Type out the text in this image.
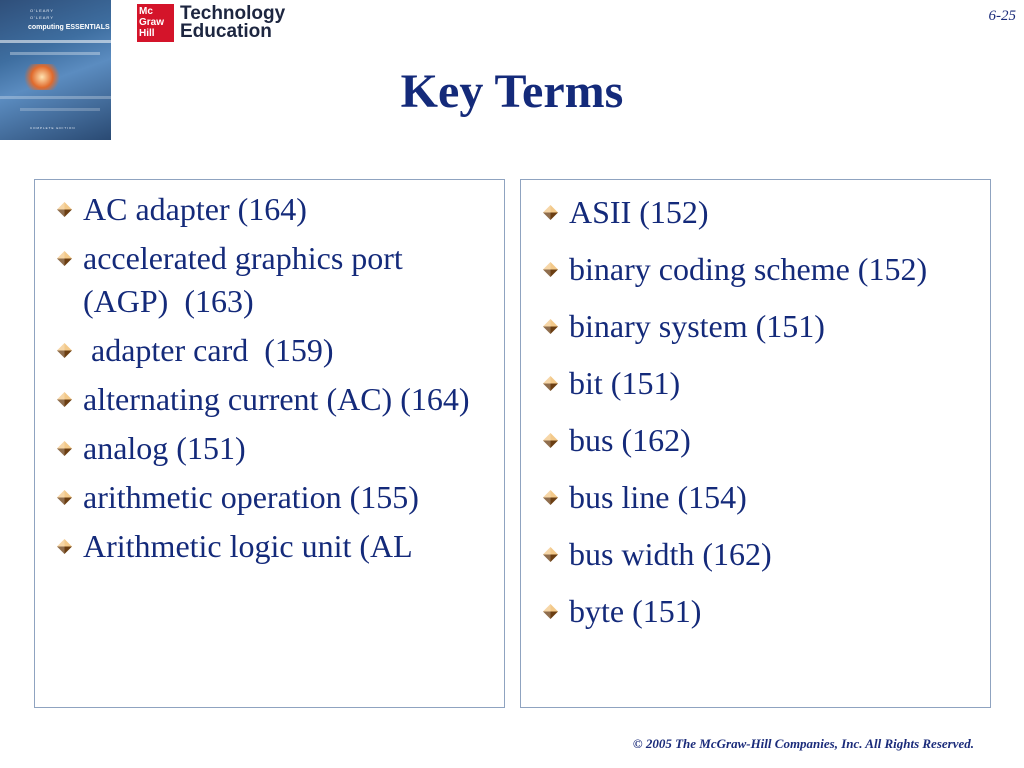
O'LEARY
O'LEARY
computing ESSENTIALS
COMPLETE EDITION
Mc
Graw
Hill
Technology
Education
6-25
Key Terms
AC adapter (164)
accelerated graphics port (AGP)  (163)
adapter card  (159)
alternating current (AC) (164)
analog (151)
arithmetic operation (155)
Arithmetic logic unit (AL
ASII (152)
binary coding scheme (152)
binary system (151)
bit (151)
bus (162)
bus line (154)
bus width (162)
byte (151)
© 2005 The McGraw-Hill Companies, Inc. All Rights Reserved.
